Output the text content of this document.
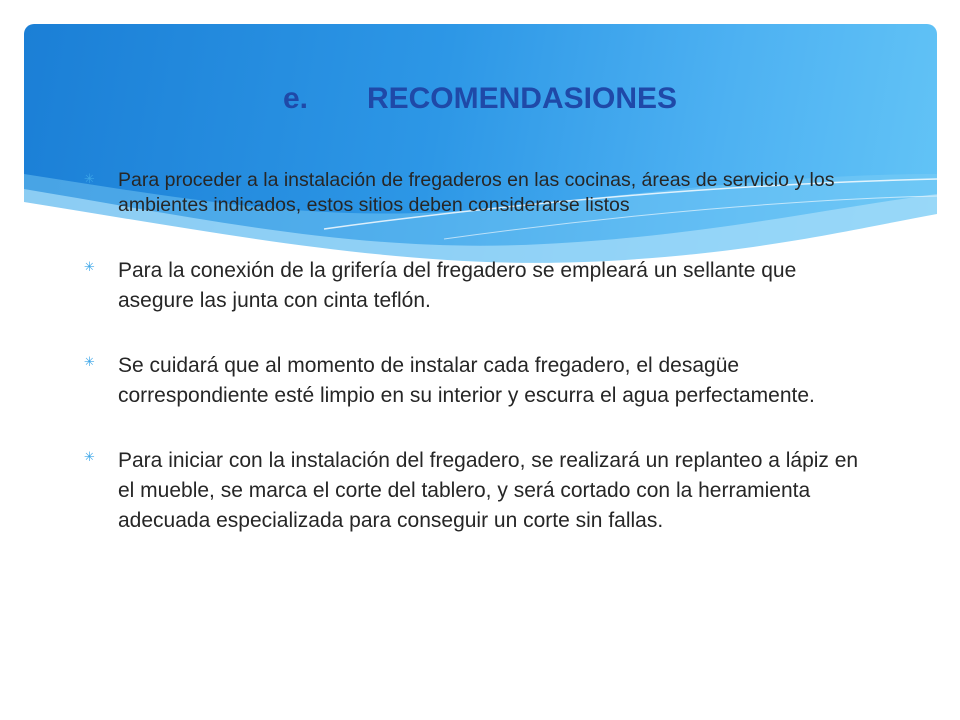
e. RECOMENDASIONES
✳ Para proceder a la instalación de fregaderos en las cocinas, áreas de servicio y los ambientes indicados, estos sitios deben considerarse listos
✳ Para la conexión de la grifería del fregadero se empleará un sellante que asegure las junta con cinta teflón.
✳ Se cuidará que al momento de instalar cada fregadero, el desagüe correspondiente esté limpio en su interior y escurra el agua perfectamente.
✳ Para iniciar con la instalación del fregadero, se realizará un replanteo a lápiz en el mueble, se marca el corte del tablero, y será cortado con la herramienta adecuada especializada para conseguir un corte sin fallas.
